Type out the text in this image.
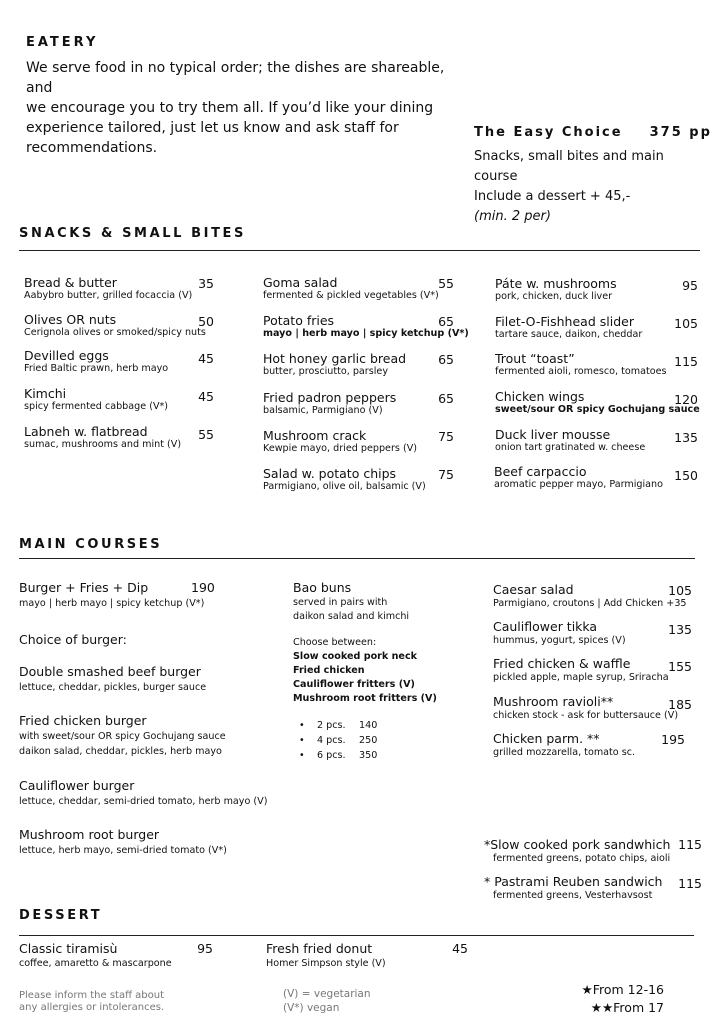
EATERY
We serve food in no typical order; the dishes are shareable, and
we encourage you to try them all. If you’d like your dining
experience tailored, just let us know and ask staff for
recommendations.
The Easy Choice 375 pp
Snacks, small bites and main
course
Include a dessert + 45,-
(min. 2 per)
SNACKS & SMALL BITES
Bread & butter
Aabybro butter, grilled focaccia (V)
35
Olives OR nuts
Cerignola olives or smoked/spicy nuts
50
Devilled eggs
Fried Baltic prawn, herb mayo
45
Kimchi
spicy fermented cabbage (V*)
45
Labneh w. flatbread
sumac, mushrooms and mint (V)
55
Goma salad
fermented & pickled vegetables (V*)
55
Potato fries
mayo | herb mayo | spicy ketchup (V*)
65
Hot honey garlic bread
butter, prosciutto, parsley
65
Fried padron peppers
balsamic, Parmigiano (V)
65
Mushroom crack
Kewpie mayo, dried peppers (V)
75
Salad w. potato chips
Parmigiano, olive oil, balsamic (V)
75
Páte w. mushrooms
pork, chicken, duck liver
95
Filet-O-Fishhead slider
tartare sauce, daikon, cheddar
105
Trout “toast”
fermented aioli, romesco, tomatoes
115
Chicken wings
sweet/sour OR spicy Gochujang sauce
120
Duck liver mousse
onion tart gratinated w. cheese
135
Beef carpaccio
aromatic pepper mayo, Parmigiano
150
MAIN COURSES
Burger + Fries + Dip	190
mayo | herb mayo | spicy ketchup (V*)
Choice of burger:
Double smashed beef burger
lettuce, cheddar, pickles, burger sauce
Fried chicken burger
with sweet/sour OR spicy Gochujang sauce
daikon salad, cheddar, pickles, herb mayo
Cauliflower burger
lettuce, cheddar, semi-dried tomato, herb mayo (V)
Mushroom root burger
lettuce, herb mayo, semi-dried tomato (V*)
Bao buns
served in pairs with
daikon salad and kimchi
Choose between:
Slow cooked pork neck
Fried chicken
Cauliflower fritters (V)
Mushroom root fritters (V)
• 2 pcs. 140
• 4 pcs. 250
• 6 pcs. 350
Caesar salad
Parmigiano, croutons | Add Chicken +35
105
Cauliflower tikka
hummus, yogurt, spices (V)
135
Fried chicken & waffle
pickled apple, maple syrup, Sriracha
155
Mushroom ravioli**
chicken stock - ask for buttersauce (V)
185
Chicken parm. **
grilled mozzarella, tomato sc.
195
*Slow cooked pork sandwhich
fermented greens, potato chips, aioli
115
* Pastrami Reuben sandwich
fermented greens, Vesterhavsost
115
DESSERT
Classic tiramisù
coffee, amaretto & mascarpone
95	Fresh fried donut
Homer Simpson style (V)
45
Please inform the staff about
any allergies or intolerances.
(V) = vegetarian
(V*) vegan
★From 12-16
★★From 17
